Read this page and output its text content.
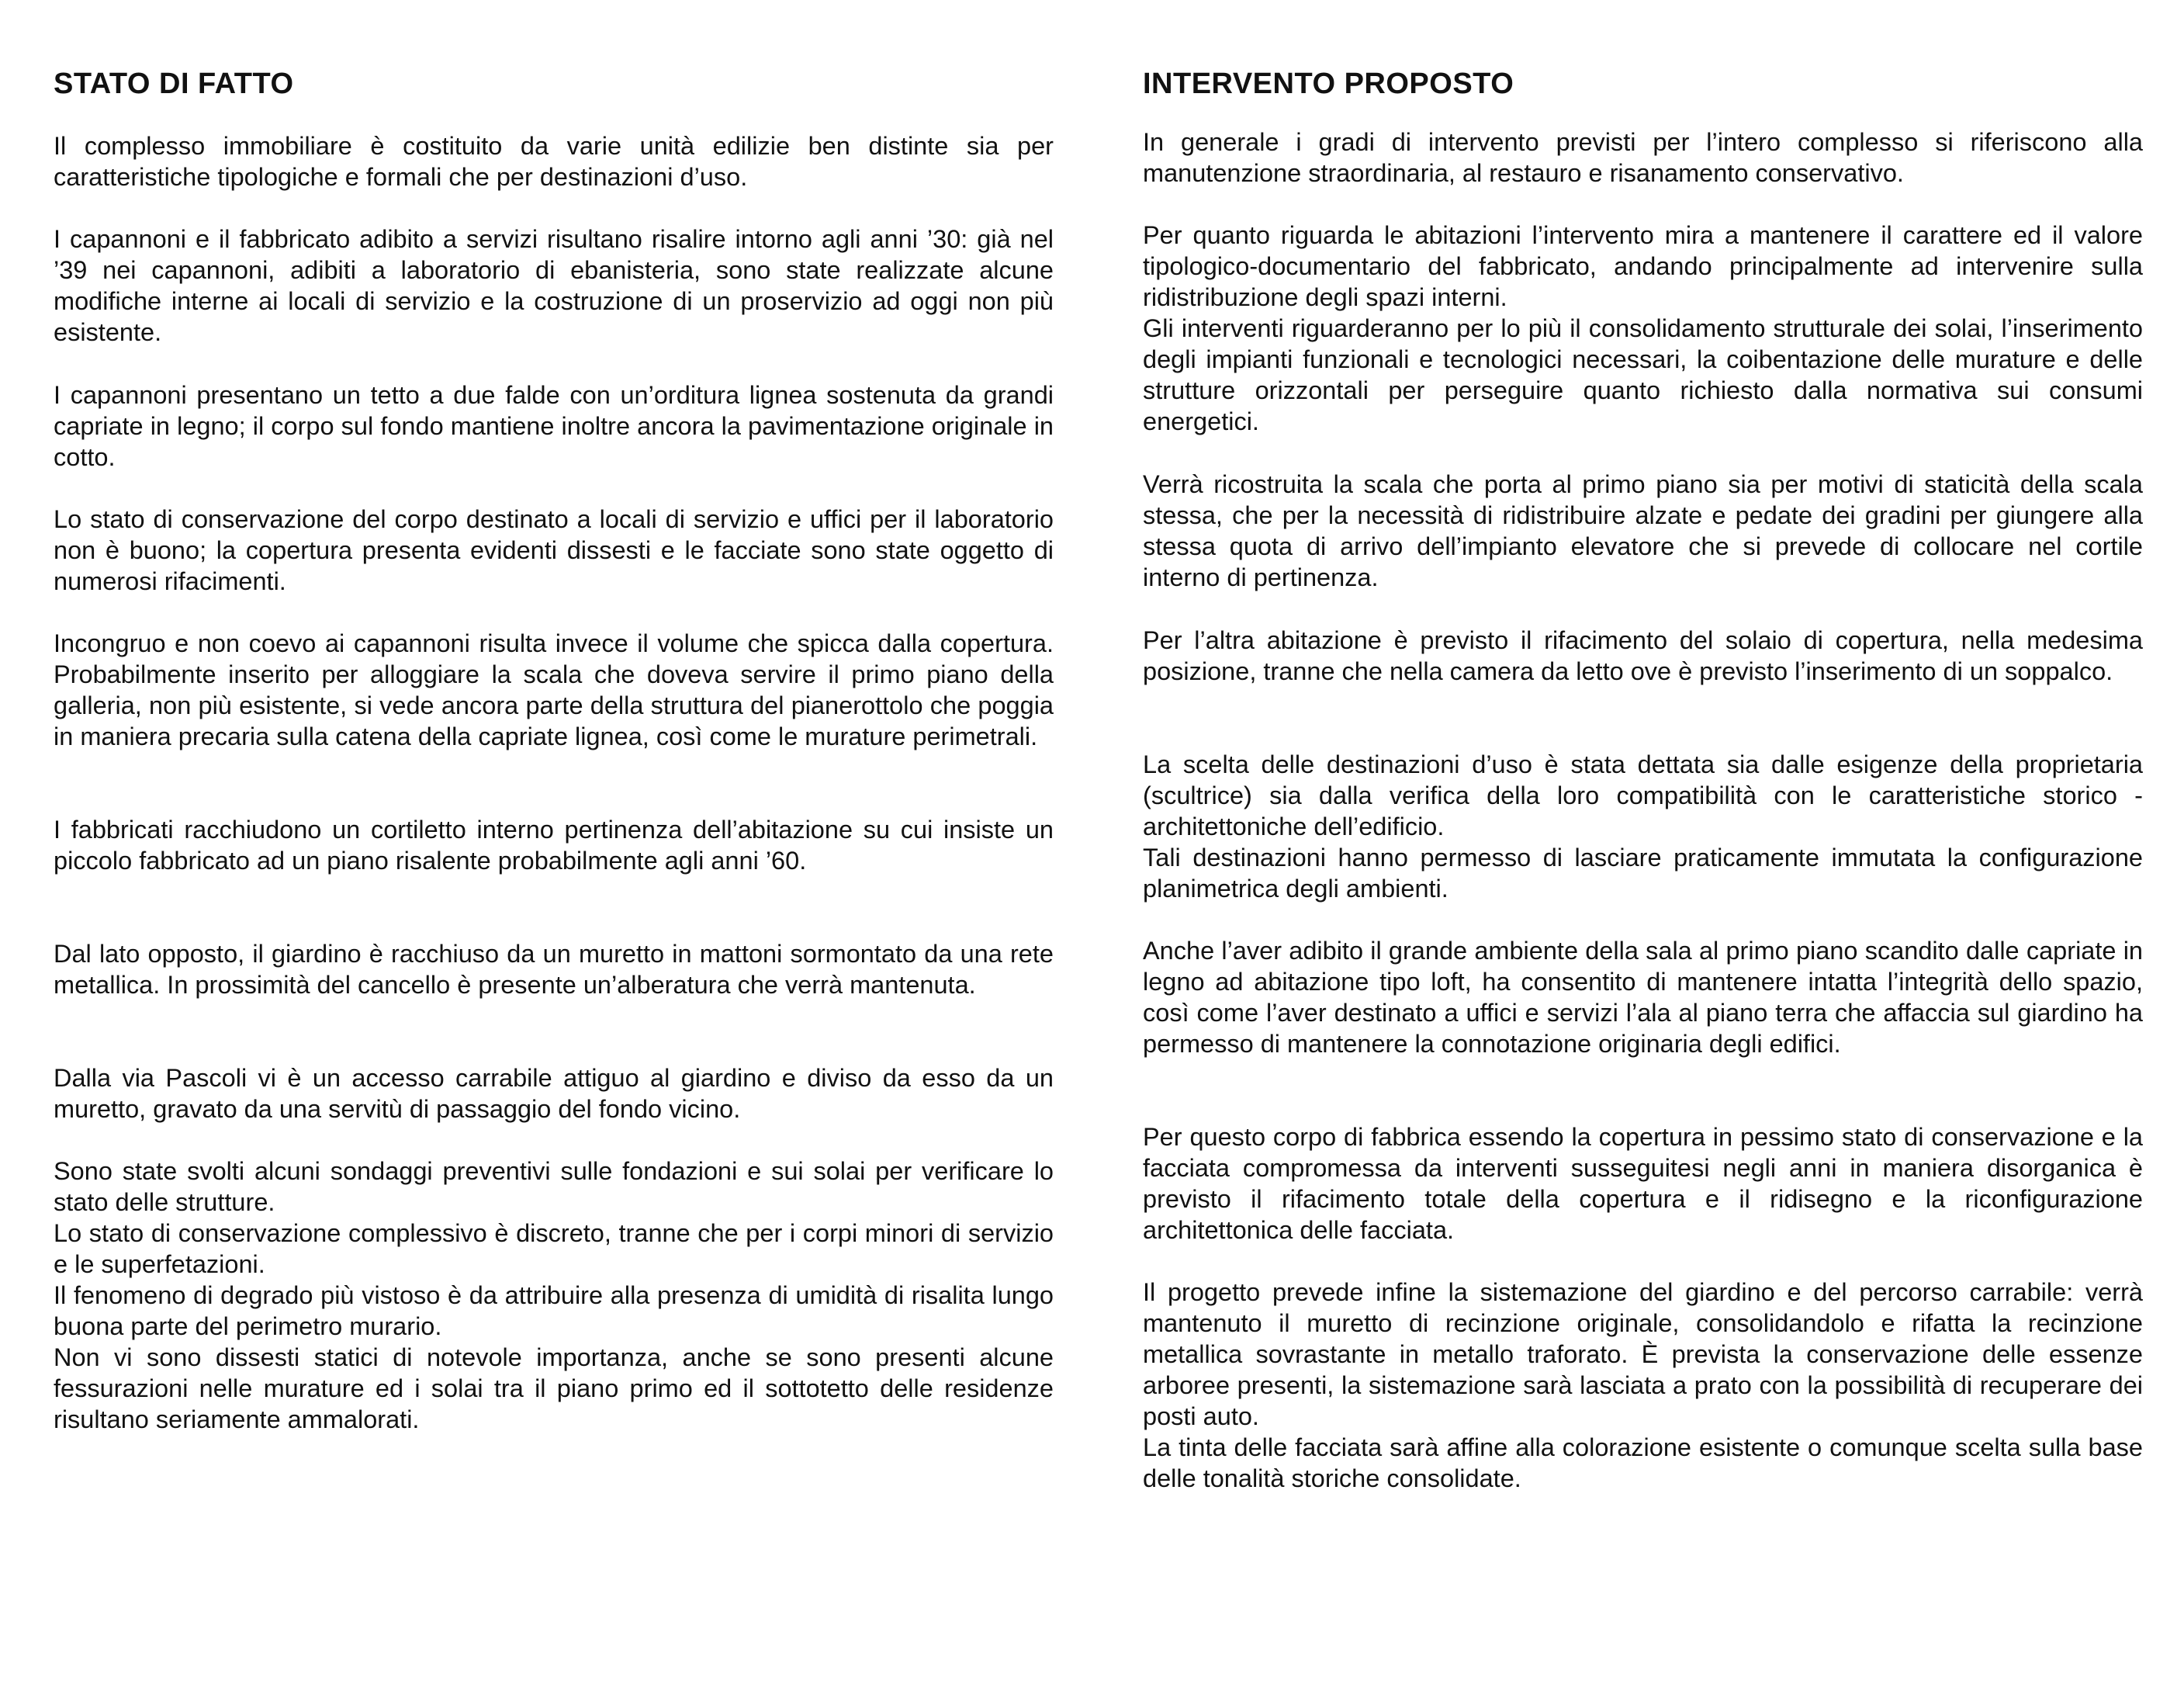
STATO DI FATTO

Il complesso immobiliare è costituito da varie unità edilizie ben distinte sia per caratteristiche tipologiche e formali che per destinazioni d’uso.

I capannoni e il fabbricato adibito a servizi risultano risalire intorno agli anni ’30: già nel ’39 nei capannoni, adibiti a laboratorio di ebanisteria, sono state realizzate alcune modifiche interne ai locali di servizio e la costruzione di un proservizio ad oggi non più esistente.

I capannoni presentano un tetto a due falde con un’orditura lignea sostenuta da grandi capriate in legno; il corpo sul fondo mantiene inoltre ancora la pavimentazione originale in cotto.

Lo stato di conservazione del corpo destinato a locali di servizio e uffici per il laboratorio non è buono; la copertura presenta evidenti dissesti e le facciate sono state oggetto di numerosi rifacimenti.

Incongruo e non coevo ai capannoni risulta invece il volume che spicca dalla copertura. Probabilmente inserito per alloggiare la scala che doveva servire il primo piano della galleria, non più esistente, si vede ancora parte della struttura del pianerottolo che poggia in maniera precaria sulla catena della capriate lignea, così come le murature perimetrali.

I fabbricati racchiudono un cortiletto interno pertinenza dell’abitazione su cui insiste un piccolo fabbricato ad un piano risalente probabilmente agli anni ’60.

Dal lato opposto, il giardino è racchiuso da un muretto in mattoni sormontato da una rete metallica. In prossimità del cancello è presente un’alberatura che verrà mantenuta.

Dalla via Pascoli vi è un accesso carrabile attiguo al giardino e diviso da esso da un muretto, gravato da una servitù di passaggio del fondo vicino.

Sono state svolti alcuni sondaggi preventivi sulle fondazioni e sui solai per verificare lo stato delle strutture.
Lo stato di conservazione complessivo è discreto, tranne che per i corpi minori di servizio e le superfetazioni.
Il fenomeno di degrado più vistoso è da attribuire alla presenza di umidità di risalita lungo buona parte del perimetro murario.
Non vi sono dissesti statici di notevole importanza, anche se sono presenti alcune fessurazioni nelle murature ed i solai tra il piano primo ed il sottotetto delle residenze risultano seriamente ammalorati.

INTERVENTO PROPOSTO

In generale i gradi di intervento previsti per l’intero complesso si riferiscono alla manutenzione straordinaria, al restauro e risanamento conservativo.

Per quanto riguarda le abitazioni l’intervento mira a mantenere il carattere ed il valore tipologico-documentario del fabbricato, andando principalmente ad intervenire sulla ridistribuzione degli spazi interni.
Gli interventi riguarderanno per lo più il consolidamento strutturale dei solai, l’inserimento degli impianti funzionali e tecnologici necessari, la coibentazione delle murature e delle strutture orizzontali per perseguire quanto richiesto dalla normativa sui consumi energetici.

Verrà ricostruita la scala che porta al primo piano sia per motivi di staticità della scala stessa, che per la necessità di ridistribuire alzate e pedate dei gradini per giungere alla stessa quota di arrivo dell’impianto elevatore che si prevede di collocare nel cortile interno di pertinenza.

Per l’altra abitazione è previsto il rifacimento del solaio di copertura, nella medesima posizione, tranne che nella camera da letto ove è previsto l’inserimento di un soppalco.

La scelta delle destinazioni d’uso è stata dettata sia dalle esigenze della proprietaria (scultrice) sia dalla verifica della loro compatibilità con le caratteristiche storico - architettoniche dell’edificio.
Tali destinazioni hanno permesso di lasciare praticamente immutata la configurazione planimetrica degli ambienti.

Anche l’aver adibito il grande ambiente della sala al primo piano scandito dalle capriate in legno ad abitazione tipo loft, ha consentito di mantenere intatta l’integrità dello spazio, così come l’aver destinato a uffici e servizi l’ala al piano terra che affaccia sul giardino ha permesso di mantenere la connotazione originaria degli edifici.

Per questo corpo di fabbrica essendo la copertura in pessimo stato di conservazione e la facciata compromessa da interventi susseguitesi negli anni in maniera disorganica è previsto il rifacimento totale della copertura e il ridisegno e la riconfigurazione architettonica delle facciata.

Il progetto prevede infine la sistemazione del giardino e del percorso carrabile: verrà mantenuto il muretto di recinzione originale, consolidandolo e rifatta la recinzione metallica sovrastante in metallo traforato. È prevista la conservazione delle essenze arboree presenti, la sistemazione sarà lasciata a prato con la possibilità di recuperare dei posti auto.

La tinta delle facciata sarà affine alla colorazione esistente o comunque scelta sulla base delle tonalità storiche consolidate.
